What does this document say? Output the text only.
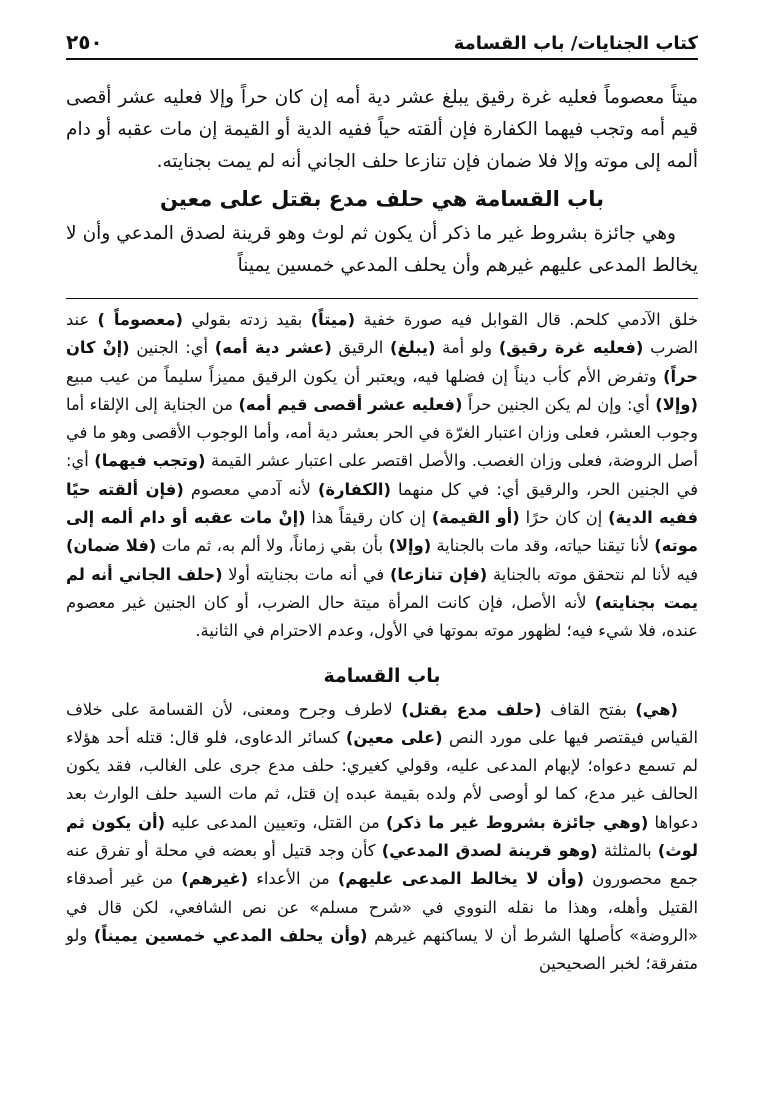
كتاب الجنايات/ باب القسامة
٢٥٠

ميتاً معصوماً فعليه غرة رقيق يبلغ عشر دية أمه إن كان حراً وإلا فعليه عشر أقصى قيم أمه وتجب فيهما الكفارة فإن ألقته حياً ففيه الدية أو القيمة إن مات عقبه أو دام ألمه إلى موته وإلا فلا ضمان فإن تنازعا حلف الجاني أنه لم يمت بجنايته.

باب القسامة هي حلف مدع بقتل على معين

وهي جائزة بشروط غير ما ذكر أن يكون ثم لوث وهو قرينة لصدق المدعي وأن لا يخالط المدعى عليهم غيرهم وأن يحلف المدعي خمسين يميناً

خلق الآدمي كلحم. قال القوابل فيه صورة خفية (ميتاً) بقيد زدته بقولي (معصوماً ) عند الضرب (فعليه غرة رقيق) ولو أمة (يبلغ) الرقيق (عشر دية أمه) أي: الجنين (إنْ كان حراً) وتفرض الأم كأب ديناً إن فضلها فيه، ويعتبر أن يكون الرقيق مميزاً سليماً من عيب مبيع (وإلا) أي: وإن لم يكن الجنين حراً (فعليه عشر أقصى قيم أمه) من الجناية إلى الإلقاء أما وجوب العشر، فعلى وزان اعتبار الغرّة في الحر بعشر دية أمه، وأما الوجوب الأقصى وهو ما في أصل الروضة، فعلى وزان الغصب. والأصل اقتصر على اعتبار عشر القيمة (وتجب فيهما) أي: في الجنين الحر، والرقيق أي: في كل منهما (الكفارة) لأنه آدمي معصوم (فإن ألقته حيًا ففيه الدية) إن كان حرًا (أو القيمة) إن كان رقيقاً هذا (إنْ مات عقبه أو دام ألمه إلى موته) لأنا تيقنا حياته، وقد مات بالجناية (وإلا) بأن بقي زماناً، ولا ألم به، ثم مات (فلا ضمان) فيه لأنا لم نتحقق موته بالجناية (فإن تنازعا) في أنه مات بجنايته أولا (حلف الجاني أنه لم يمت بجنايته) لأنه الأصل، فإن كانت المرأة ميتة حال الضرب، أو كان الجنين غير معصوم عنده، فلا شيء فيه؛ لظهور موته بموتها في الأول، وعدم الاحترام في الثانية.

باب القسامة

(هي) بفتح القاف (حلف مدع بقتل) لاطرف وجرح ومعنى، لأن القسامة على خلاف القياس فيقتصر فيها على مورد النص (على معين) كسائر الدعاوى، فلو قال: قتله أحد هؤلاء لم تسمع دعواه؛ لإبهام المدعى عليه، وقولي كغيري: حلف مدع جرى على الغالب، فقد يكون الحالف غير مدع، كما لو أوصى لأم ولده بقيمة عبده إن قتل، ثم مات السيد حلف الوارث بعد دعواها (وهي جائزة بشروط غير ما ذكر) من القتل، وتعيين المدعى عليه (أن يكون ثم لوث) بالمثلثة (وهو قرينة لصدق المدعي) كأن وجد قتيل أو بعضه في محلة أو تفرق عنه جمع محصورون (وأن لا يخالط المدعى عليهم) من الأعداء (غيرهم) من غير أصدقاء القتيل وأهله، وهذا ما نقله النووي في «شرح مسلم» عن نص الشافعي، لكن قال في «الروضة» كأصلها الشرط أن لا يساكنهم غيرهم (وأن يحلف المدعي خمسين يميناً) ولو متفرقة؛ لخبر الصحيحين
